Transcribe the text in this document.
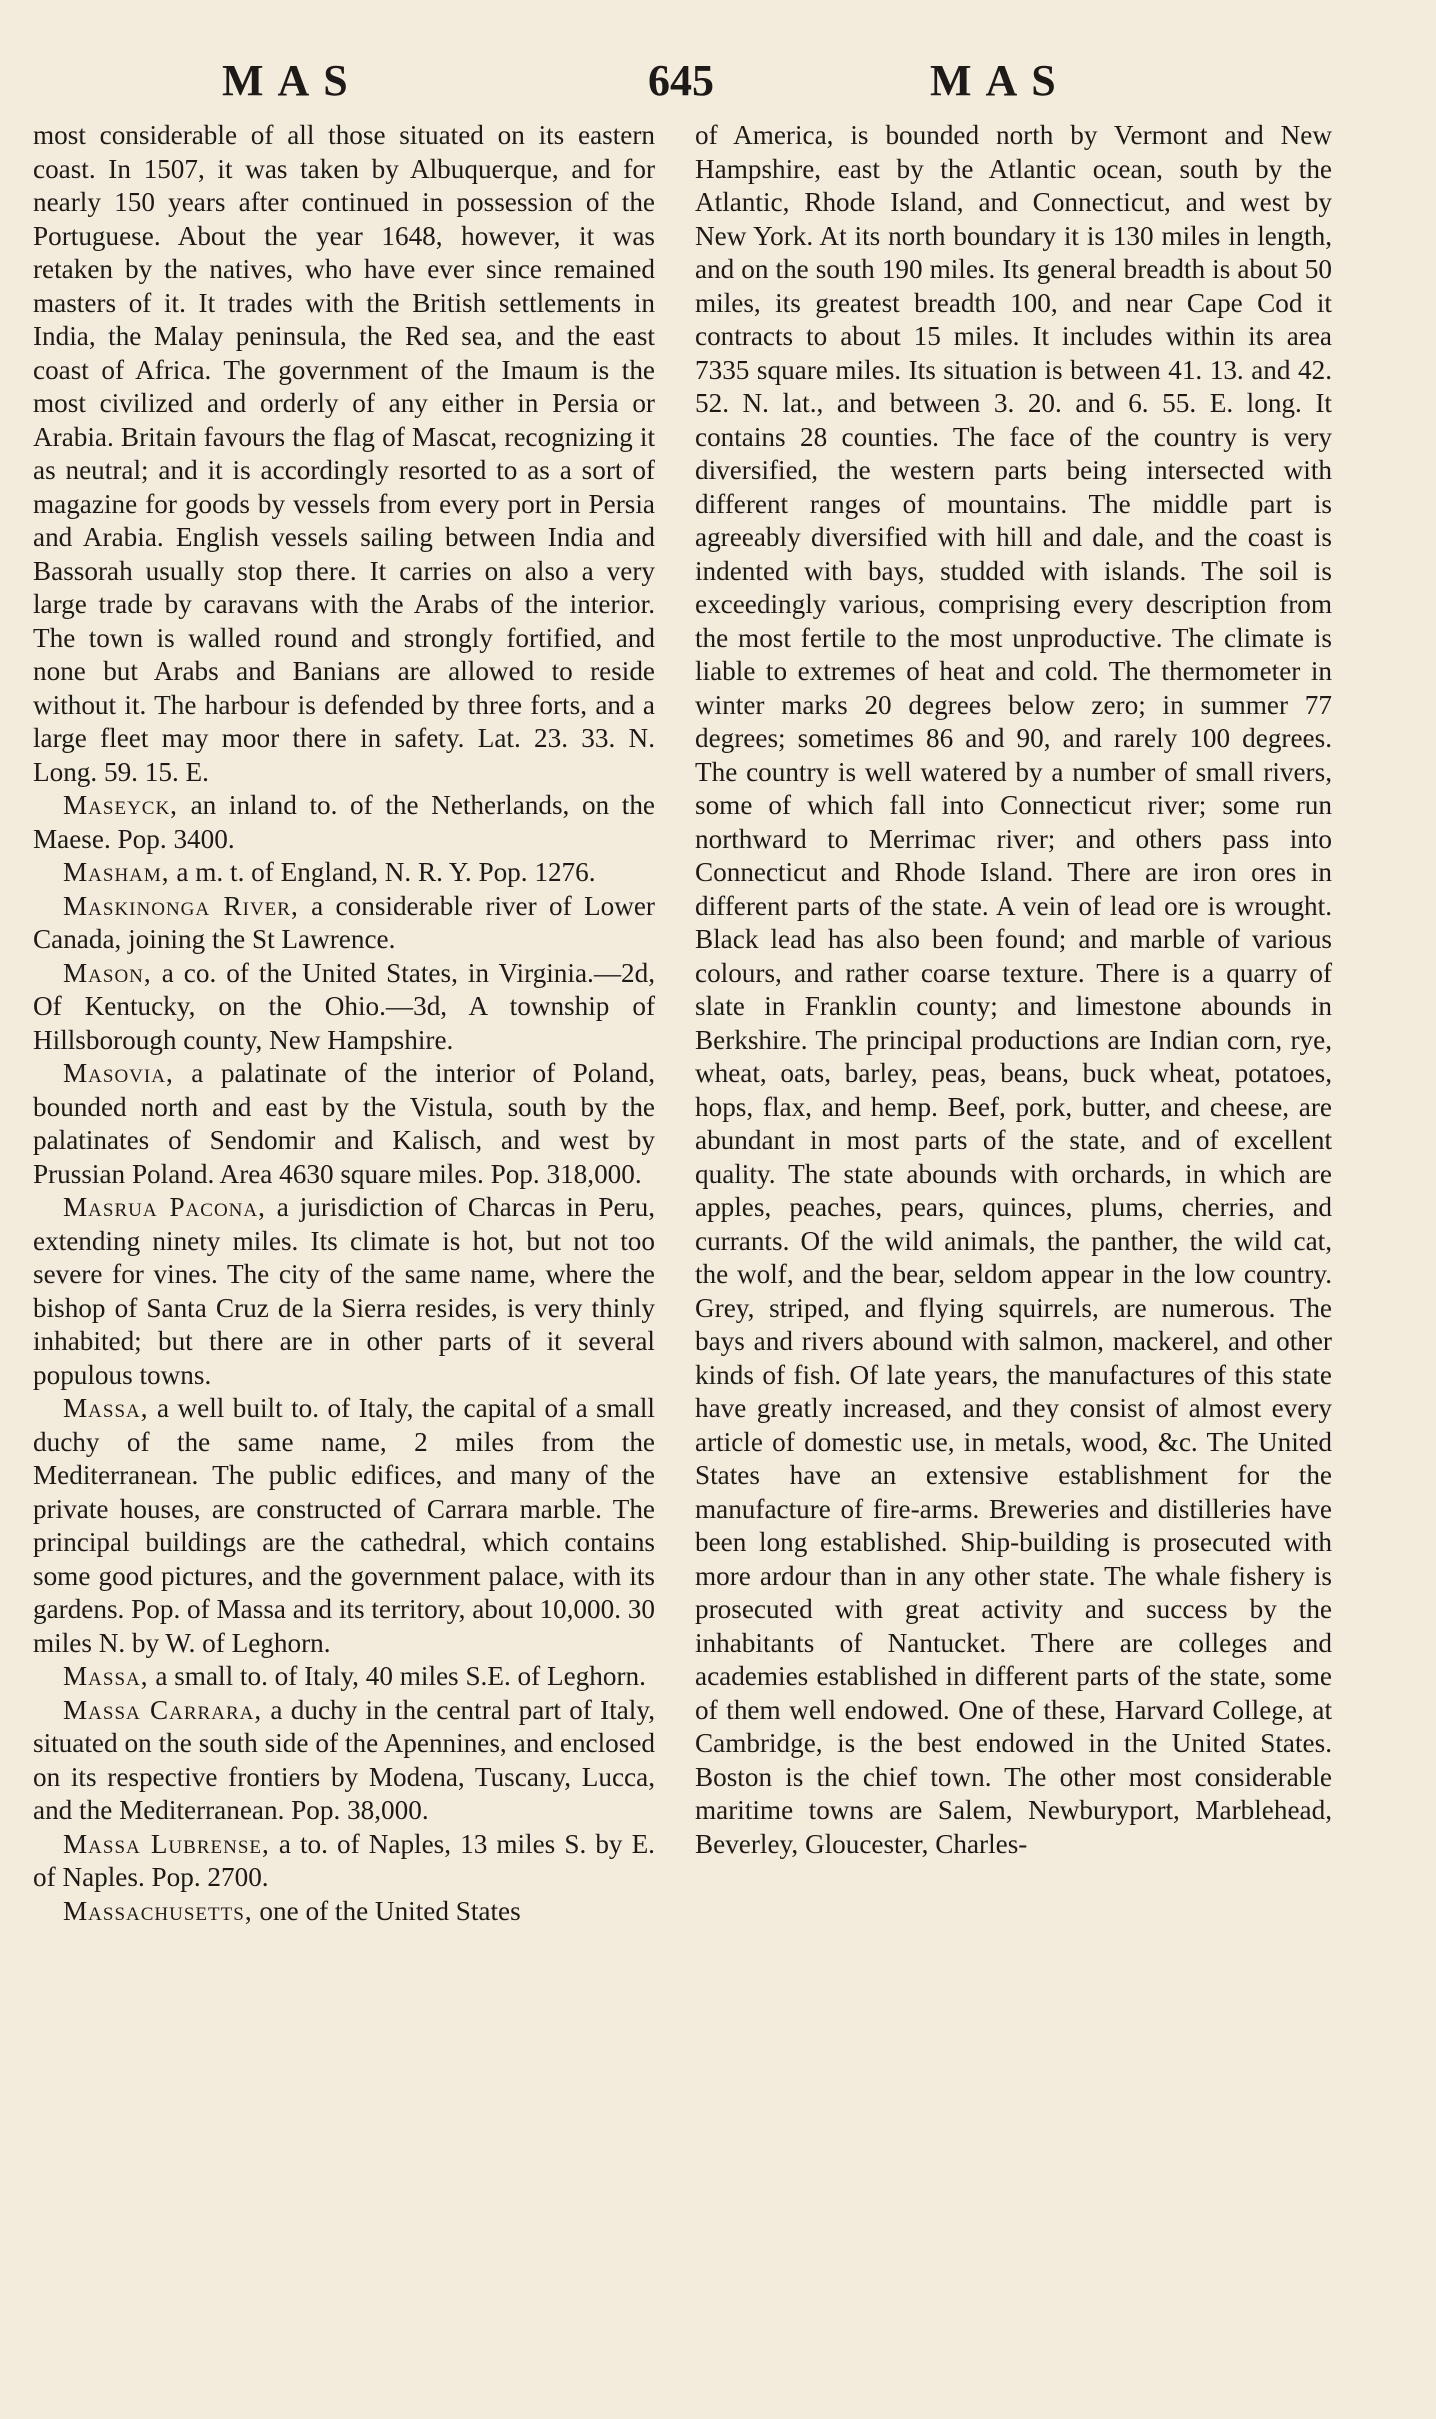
MAS	645	MAS

most considerable of all those situated on its eastern coast. In 1507, it was taken by Albuquerque, and for nearly 150 years after continued in possession of the Portuguese. About the year 1648, however, it was retaken by the natives, who have ever since remained masters of it. It trades with the British settlements in India, the Malay peninsula, the Red sea, and the east coast of Africa. The government of the Imaum is the most civilized and orderly of any either in Persia or Arabia. Britain favours the flag of Mascat, recognizing it as neutral; and it is accordingly resorted to as a sort of magazine for goods by vessels from every port in Persia and Arabia. English vessels sailing between India and Bassorah usually stop there. It carries on also a very large trade by caravans with the Arabs of the interior. The town is walled round and strongly fortified, and none but Arabs and Banians are allowed to reside without it. The harbour is defended by three forts, and a large fleet may moor there in safety. Lat. 23. 33. N. Long. 59. 15. E.

Maseyck, an inland to. of the Netherlands, on the Maese. Pop. 3400.

Masham, a m. t. of England, N. R. Y. Pop. 1276.

Maskinonga River, a considerable river of Lower Canada, joining the St Lawrence.

Mason, a co. of the United States, in Virginia.—2d, Of Kentucky, on the Ohio.—3d, A township of Hillsborough county, New Hampshire.

Masovia, a palatinate of the interior of Poland, bounded north and east by the Vistula, south by the palatinates of Sendomir and Kalisch, and west by Prussian Poland. Area 4630 square miles. Pop. 318,000.

Masrua Pacona, a jurisdiction of Charcas in Peru, extending ninety miles. Its climate is hot, but not too severe for vines. The city of the same name, where the bishop of Santa Cruz de la Sierra resides, is very thinly inhabited; but there are in other parts of it several populous towns.

Massa, a well built to. of Italy, the capital of a small duchy of the same name, 2 miles from the Mediterranean. The public edifices, and many of the private houses, are constructed of Carrara marble. The principal buildings are the cathedral, which contains some good pictures, and the government palace, with its gardens. Pop. of Massa and its territory, about 10,000. 30 miles N. by W. of Leghorn.

Massa, a small to. of Italy, 40 miles S.E. of Leghorn.

Massa Carrara, a duchy in the central part of Italy, situated on the south side of the Apennines, and enclosed on its respective frontiers by Modena, Tuscany, Lucca, and the Mediterranean. Pop. 38,000.

Massa Lubrense, a to. of Naples, 13 miles S. by E. of Naples. Pop. 2700.

Massachusetts, one of the United States

of America, is bounded north by Vermont and New Hampshire, east by the Atlantic ocean, south by the Atlantic, Rhode Island, and Connecticut, and west by New York. At its north boundary it is 130 miles in length, and on the south 190 miles. Its general breadth is about 50 miles, its greatest breadth 100, and near Cape Cod it contracts to about 15 miles. It includes within its area 7335 square miles. Its situation is between 41. 13. and 42. 52. N. lat., and between 3. 20. and 6. 55. E. long. It contains 28 counties. The face of the country is very diversified, the western parts being intersected with different ranges of mountains. The middle part is agreeably diversified with hill and dale, and the coast is indented with bays, studded with islands. The soil is exceedingly various, comprising every description from the most fertile to the most unproductive. The climate is liable to extremes of heat and cold. The thermometer in winter marks 20 degrees below zero; in summer 77 degrees; sometimes 86 and 90, and rarely 100 degrees. The country is well watered by a number of small rivers, some of which fall into Connecticut river; some run northward to Merrimac river; and others pass into Connecticut and Rhode Island. There are iron ores in different parts of the state. A vein of lead ore is wrought. Black lead has also been found; and marble of various colours, and rather coarse texture. There is a quarry of slate in Franklin county; and limestone abounds in Berkshire. The principal productions are Indian corn, rye, wheat, oats, barley, peas, beans, buck wheat, potatoes, hops, flax, and hemp. Beef, pork, butter, and cheese, are abundant in most parts of the state, and of excellent quality. The state abounds with orchards, in which are apples, peaches, pears, quinces, plums, cherries, and currants. Of the wild animals, the panther, the wild cat, the wolf, and the bear, seldom appear in the low country. Grey, striped, and flying squirrels, are numerous. The bays and rivers abound with salmon, mackerel, and other kinds of fish. Of late years, the manufactures of this state have greatly increased, and they consist of almost every article of domestic use, in metals, wood, &c. The United States have an extensive establishment for the manufacture of fire-arms. Breweries and distilleries have been long established. Ship-building is prosecuted with more ardour than in any other state. The whale fishery is prosecuted with great activity and success by the inhabitants of Nantucket. There are colleges and academies established in different parts of the state, some of them well endowed. One of these, Harvard College, at Cambridge, is the best endowed in the United States. Boston is the chief town. The other most considerable maritime towns are Salem, Newburyport, Marblehead, Beverley, Gloucester, Charles-
